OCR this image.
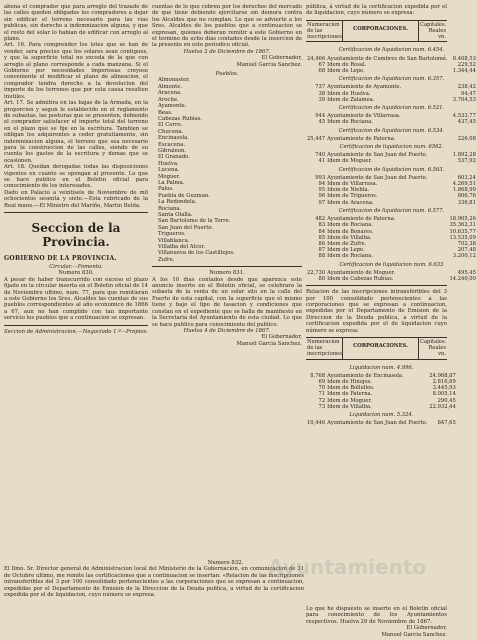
abona el comprador que para arreglo del trazado de las calles queden obligados los compradores a dejar sin edificar el terreno necesario para las vias publicas, sin derecho a indemnizacion alguna, y que el resto del solar lo habian de edificar con arreglo al plano.

Art. 16. Para comprender los lotes que se han de vender, sera preciso que los solares sean contiguos, y que la superficie total no exceda de la que con arreglo al plano corresponde a cada manzana. Si el Gobierno por necesidades imperiosas creyese conveniente el modificar el plano de alineacion, el comprador tendra derecho a la devolucion del importe de los terrenos que por esta causa resulten inutiles.

Art. 17. Se admitira en las bajas de la Armada, en la proporcion y segun le establecido en el reglamento de subastas, las posturas que se presenten, debiendo el comprador satisfacer el importe total del terreno en el plazo que se fije en la escritura. Tambien se obligan los adquirentes a ceder gratuitamente, sin indemnizacion alguna, el terreno que sea necesario para la construccion de las calles, siendo de su cuenta los gastos de la escritura y demas que se ocasionen.

Art. 18. Quedan derogadas todas las disposiciones vigentes en cuanto se opongan al presente. Lo que se hace publico en el Boletin oficial para conocimiento de los interesados.

Dado en Palacio a veintiseis de Noviembre de mil ochocientos sesenta y siete.—Esta rubricado de la Real mano.—El Ministro del Mariño, Martin Belda.

Seccion de la Provincia.
GOBIERNO DE LA PROVINCIA.

Circular.—Fomento.

Numero 830.

A pesar de haber transcurrido con exceso el plazo fijado en la circular inserta en el Boletin oficial de 14 de Noviembre ultimo, num. 77, para que remitieran a este Gobierno los Sres. Alcaldes las cuentas de sus pueblos correspondientes al año economico de 1866 a 67, aun no han cumplido con tan importante servicio los pueblos que a continuacion se expresan.

Seccion de Administracion.—Negociado 1.º—Propios.

cuentas de lo que cobren por los derechos del mercado de que tiene debiendo ejercitarse sin demora contra los Alcaldes que no cumplan. Lo que se advierte a los Sres. Alcaldes de los pueblos que a continuacion se expresan, quienes deberan remitir a este Gobierno en el termino de ocho dias contados desde la insercion de la presente en este periodico oficial.

Huelva 2 de Diciembre de 1867.

El Gobernador,

Manuel Garcia Sanchez.

Pueblos.

Almonaster.

Almonte.

Aracena.

Aroche.

Ayamonte.

Beas.

Cabezas Rubias.

El Cerro.

Chucena.

Encinasola.

Escacena.

Gibraleon.

El Granado.

Huelva.

Lucena.

Moguer.

La Palma.

Palos.

Puebla de Guzman.

La Redondela.

Rociana.

Santa Olalla.

San Bartolome de la Torre.

San Juan del Puerto.

Trigueros.

Villablanca.

Villalba del Alcor.

Villanueva de los Castillejos.

Zufre.

Numero 831.

A los 10 dias contados desde que aparezca este anuncio inserto en el Boletin oficial, se celebrara la subasta de la venta de un solar sito en la calle del Puerto de esta capital, con la superficie que el mismo tiene y bajo el tipo de tasacion y condiciones que constan en el expediente que se halla de manifiesto en la Secretaria del Ayuntamiento de esta ciudad. Lo que se hace publico para conocimiento del publico.

Huelva 4 de Diciembre de 1867.

El Gobernador,

Manuel Garcia Sanchez.

pública, á virtud de la certificacion expedida por el de liquidacion, cuyo número se expresa:

Numeracion de las inscripciones.
CORPORACIONES.
Capitales. Reales vn.
Certificacion de liquidacion num. 6.454.		
24,466	Ayuntamiento de Cumbres de San Bartolomé.	8.408,53
67	Idem de Rosal.	229,52
68	Idem de Lepe.	1.344,44
Certificacion de liquidacion num. 6.357.		
737	Ayuntamiento de Ayamonte.	238,42
38	Idem de Huelva.	94,47
39	Idem de Zalamea.	3.704,53
Certificacion de liquidacion num. 6.521.		
944	Ayuntamiento de Villarrasa.	4.533,77
45	Idem de Rociana.	437,45
Certificacion de liquidacion num. 6.534.		
25,447	Ayuntamiento de Paterna.	226,08
Certificacion de liquidacion num. 6562.		
740	Ayuntamiento de San Juan del Puerto.	1.892,28
41	Idem de Moguer.	537,92
Certificacion de liquidacion num. 6.563.		
993	Ayuntamiento de San Juan del Puerto.	603,24
94	Idem de Villarrasa.	4.269,51
95	Idem de Niebla.	1.868,99
96	Idem de Trigueros.	806,76
97	Idem de Aracena.	336,81
Certificacion de liquidacion num. 6.577.		
482	Ayuntamiento de Paterna.	18.905,26
83	Idem de Rociana.	35.362,31
84	Idem de Bonares.	10.635,77
85	Idem de Villalba.	13.535,09
86	Idem de Zufre.	702,38
87	Idem de Lepe.	207,48
88	Idem de Rociana.	3.200,12
Certificacion de liquidacion num. 6.633		
22,730	Ayuntamiento de Moguer.	495,45
80	Idem de Cabezas Rubias.	14.240,00

Relacion de las inscripciones intransferibles del 3 por 100 consolidado pertenecientes a las corporaciones que se expresan a continuacion, expedidas por el Departamento de Emision de la Direccion de la Deuda publica, a virtud de la certificacion expedida por el de liquidacion cuyo número se expresa:

Numeracion de las inscripciones.
CORPORACIONES.
Capitales. Reales vn.
Liquidacion num. 4.996.		
8,768	Ayuntamiento de Encinasola.	24.968,87
69	Idem de Hinojos.	2.816,89
70	Idem de Bollullos.	3.445,93
71	Idem de Paterna.	8.005,14
72	Idem de Moguer.	290,45
73	Idem de Villalba.	22.932,44
Liquidacion num. 5.324.		
10,446	Ayuntamiento de San Juan del Puerto.	847,65

Numero 832.

El Ilmo. Sr. Director general de Administracion local del Ministerio de la Gobernacion, en comunicacion de 31 de Octubre ultimo, me remite las certificaciones que a continuacion se insertan: «Relacion de las inscripciones intransferibles del 3 por 100 consolidado pertenecientes a las corporaciones que se expresan a continuacion, expedidas por el Departamento de Emision de la Direccion de la Deuda publica, a virtud de la certificacion expedida por el de liquidacion, cuyo número se expresa.

Lo que he dispuesto se inserte en el Boletin oficial para conocimiento de los Ayuntamientos respectivos. Huelva 29 de Noviembre de 1867.

El Gobernador,

Manuel Garcia Sanchez.

Ayuntamiento
